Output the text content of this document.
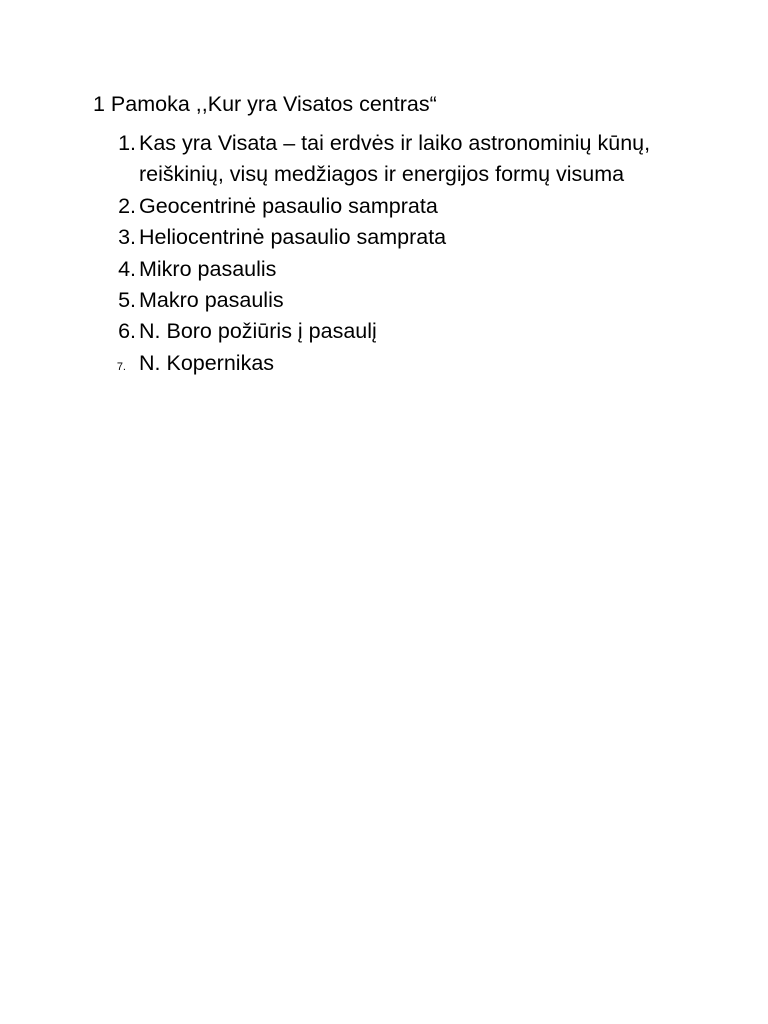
1 Pamoka ,,Kur yra Visatos centras“
1. Kas yra Visata – tai erdvės ir laiko astronominių kūnų, reiškinių, visų medžiagos ir energijos formų visuma
2. Geocentrinė pasaulio samprata
3. Heliocentrinė pasaulio samprata
4. Mikro pasaulis
5. Makro pasaulis
6. N. Boro požiūris į pasaulį
7. N. Kopernikas
